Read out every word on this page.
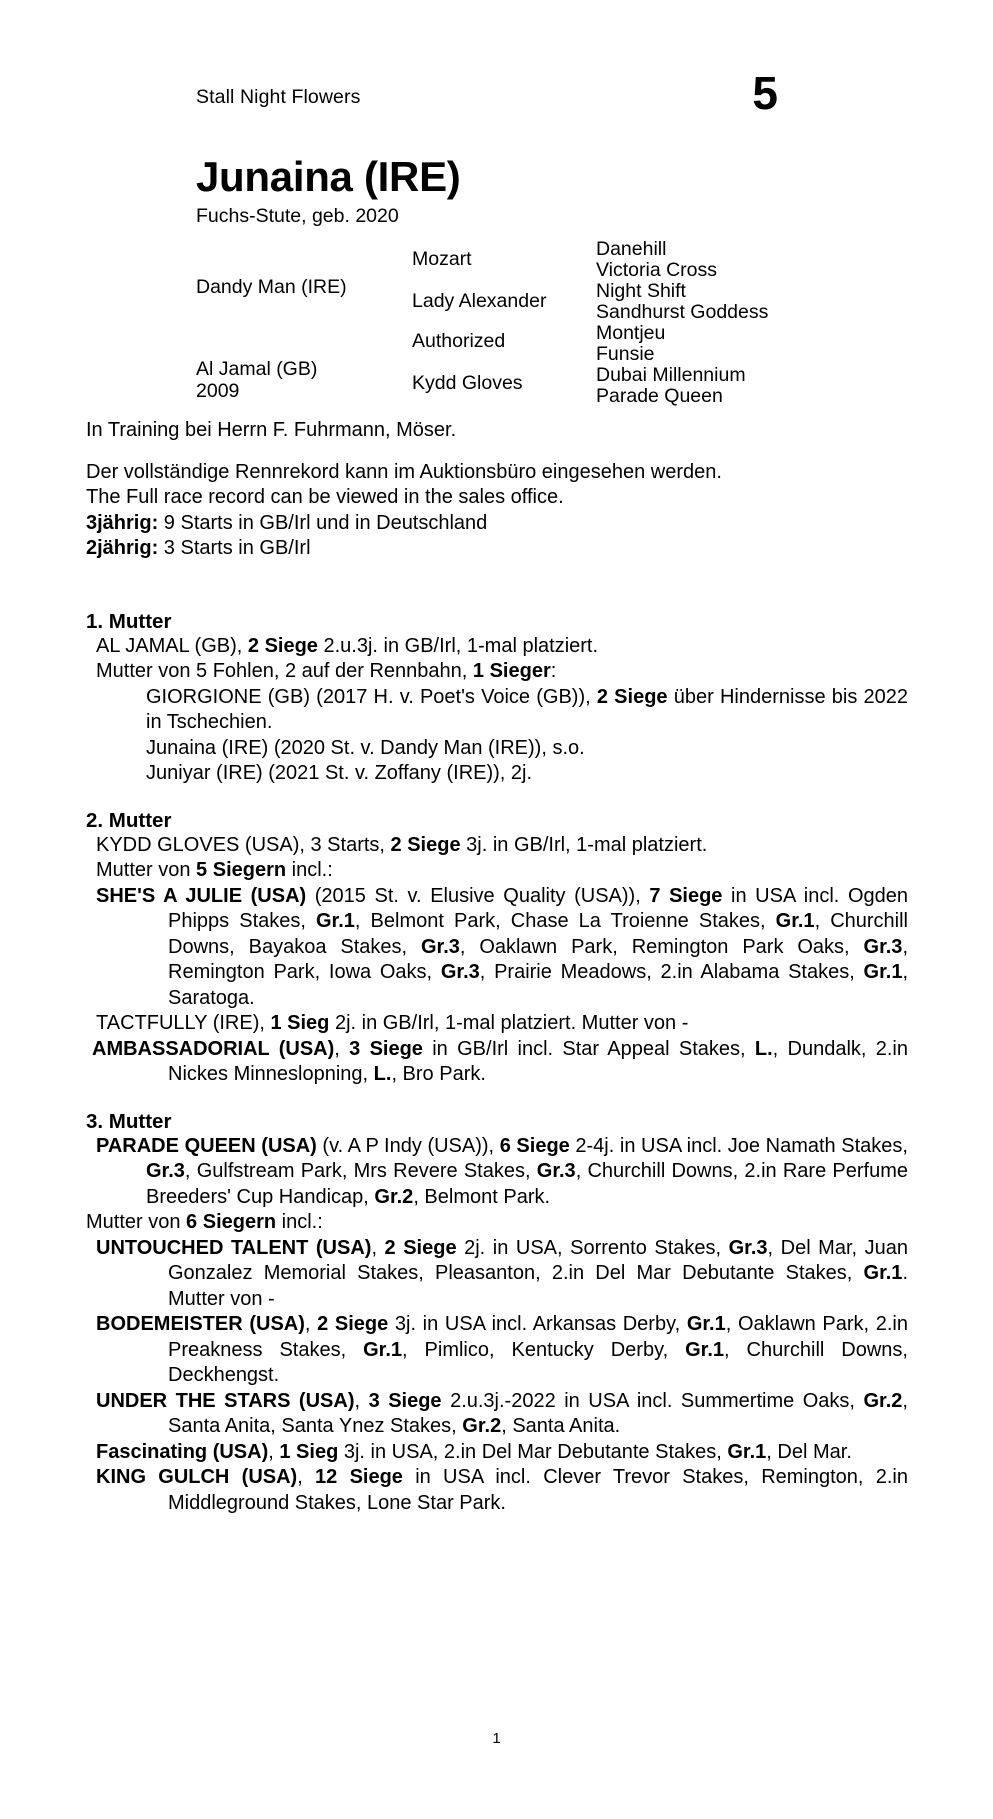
Stall Night Flowers	5
Junaina (IRE)
Fuchs-Stute, geb. 2020
Dandy Man (IRE)
Al Jamal (GB)
2009
Mozart
Lady Alexander
Authorized
Kydd Gloves
Danehill
Victoria Cross
Night Shift
Sandhurst Goddess
Montjeu
Funsie
Dubai Millennium
Parade Queen
In Training bei Herrn F. Fuhrmann, Möser.
Der vollständige Rennrekord kann im Auktionsbüro eingesehen werden.
The Full race record can be viewed in the sales office.
3jährig: 9 Starts in GB/Irl und in Deutschland
2jährig: 3 Starts in GB/Irl
1. Mutter

AL JAMAL (GB), 2 Siege 2.u.3j. in GB/Irl, 1-mal platziert.

Mutter von 5 Fohlen, 2 auf der Rennbahn, 1 Sieger:

GIORGIONE (GB) (2017 H. v. Poet's Voice (GB)), 2 Siege über Hindernisse bis 2022 in Tschechien.

Junaina (IRE) (2020 St. v. Dandy Man (IRE)), s.o.

Juniyar (IRE) (2021 St. v. Zoffany (IRE)), 2j.

2. Mutter

KYDD GLOVES (USA), 3 Starts, 2 Siege 3j. in GB/Irl, 1-mal platziert.

Mutter von 5 Siegern incl.:

SHE'S A JULIE (USA) (2015 St. v. Elusive Quality (USA)), 7 Siege in USA incl. Ogden Phipps Stakes, Gr.1, Belmont Park, Chase La Troienne Stakes, Gr.1, Churchill Downs, Bayakoa Stakes, Gr.3, Oaklawn Park, Remington Park Oaks, Gr.3, Remington Park, Iowa Oaks, Gr.3, Prairie Meadows, 2.in Alabama Stakes, Gr.1, Saratoga.

TACTFULLY (IRE), 1 Sieg 2j. in GB/Irl, 1-mal platziert. Mutter von -

AMBASSADORIAL (USA), 3 Siege in GB/Irl incl. Star Appeal Stakes, L., Dundalk, 2.in Nickes Minneslopning, L., Bro Park.

3. Mutter

PARADE QUEEN (USA) (v. A P Indy (USA)), 6 Siege 2-4j. in USA incl. Joe Namath Stakes, Gr.3, Gulfstream Park, Mrs Revere Stakes, Gr.3, Churchill Downs, 2.in Rare Perfume Breeders' Cup Handicap, Gr.2, Belmont Park.

Mutter von 6 Siegern incl.:

UNTOUCHED TALENT (USA), 2 Siege 2j. in USA, Sorrento Stakes, Gr.3, Del Mar, Juan Gonzalez Memorial Stakes, Pleasanton, 2.in Del Mar Debutante Stakes, Gr.1. Mutter von -

BODEMEISTER (USA), 2 Siege 3j. in USA incl. Arkansas Derby, Gr.1, Oaklawn Park, 2.in Preakness Stakes, Gr.1, Pimlico, Kentucky Derby, Gr.1, Churchill Downs, Deckhengst.

UNDER THE STARS (USA), 3 Siege 2.u.3j.-2022 in USA incl. Summertime Oaks, Gr.2, Santa Anita, Santa Ynez Stakes, Gr.2, Santa Anita.

Fascinating (USA), 1 Sieg 3j. in USA, 2.in Del Mar Debutante Stakes, Gr.1, Del Mar.

KING GULCH (USA), 12 Siege in USA incl. Clever Trevor Stakes, Remington, 2.in Middleground Stakes, Lone Star Park.

1
